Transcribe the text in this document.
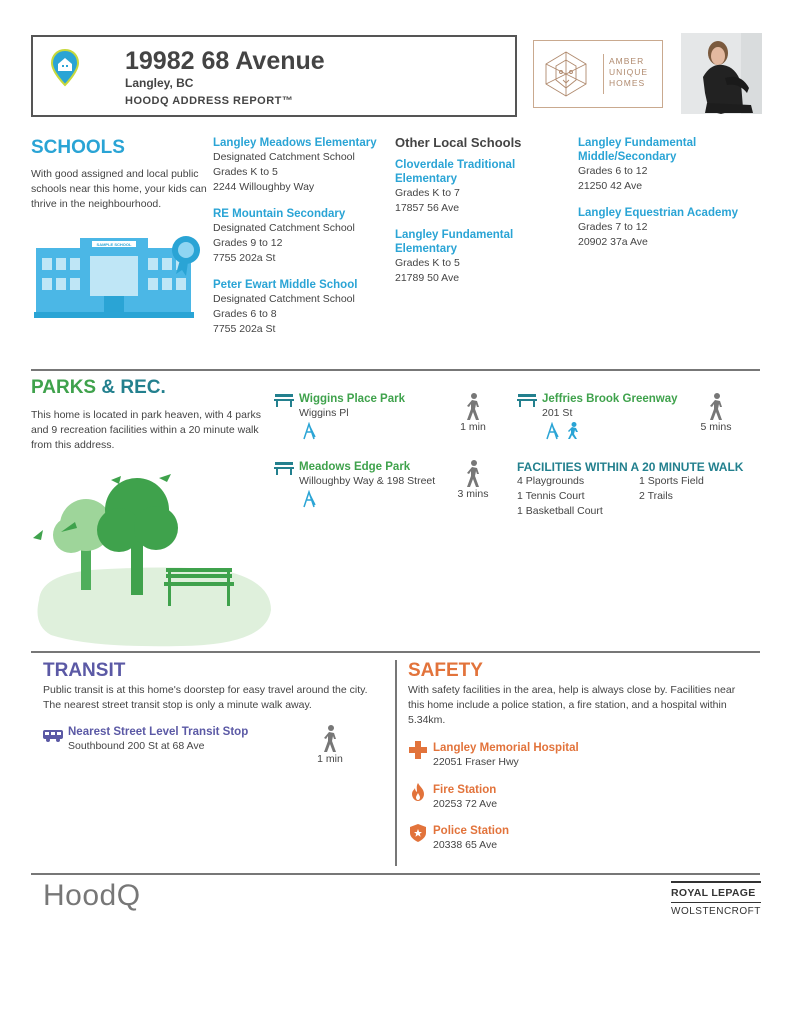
19982 68 Avenue
Langley, BC
HOODQ ADDRESS REPORT™
AMBER
UNIQUE
HOMES
SCHOOLS
With good assigned and local public schools near this home, your kids can thrive in the neighbourhood.
SAMPLE SCHOOL
Langley Meadows Elementary
Designated Catchment School
Grades K to 5
2244 Willoughby Way
RE Mountain Secondary
Designated Catchment School
Grades 9 to 12
7755 202a St
Peter Ewart Middle School
Designated Catchment School
Grades 6 to 8
7755 202a St
Other Local Schools
Cloverdale Traditional Elementary
Grades K to 7
17857 56 Ave
Langley Fundamental Elementary
Grades K to 5
21789 50 Ave
Langley Fundamental Middle/Secondary
Grades 6 to 12
21250 42 Ave
Langley Equestrian Academy
Grades 7 to 12
20902 37a Ave
PARKS & REC.
This home is located in park heaven, with 4 parks and 9 recreation facilities within a 20 minute walk from this address.
Wiggins Place Park
Wiggins Pl
1 min
Jeffries Brook Greenway
201 St
5 mins
Meadows Edge Park
Willoughby Way & 198 Street
3 mins
FACILITIES WITHIN A 20 MINUTE WALK
4 Playgrounds
1 Tennis Court
1 Basketball Court
1 Sports Field
2 Trails
TRANSIT
Public transit is at this home's doorstep for easy travel around the city. The nearest street transit stop is only a minute walk away.
Nearest Street Level Transit Stop
Southbound 200 St at 68 Ave
1 min
SAFETY
With safety facilities in the area, help is always close by. Facilities near this home include a police station, a fire station, and a hospital within 5.34km.
Langley Memorial Hospital
22051 Fraser Hwy
Fire Station
20253 72 Ave
Police Station
20338 65 Ave
HoodQ	ROYAL LEPAGE
WOLSTENCROFT
